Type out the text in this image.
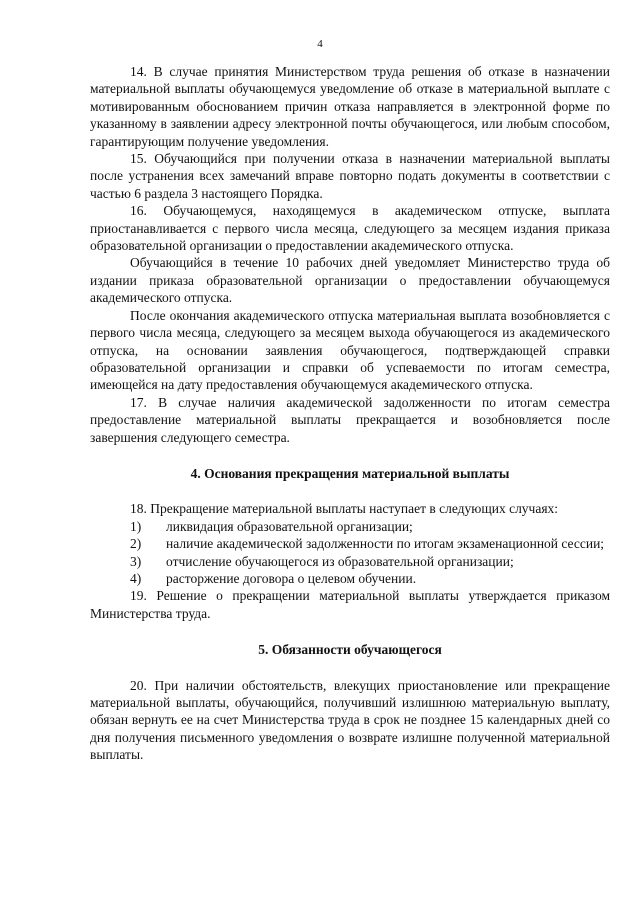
4

14. В случае принятия Министерством труда решения об отказе в назначении материальной выплаты обучающемуся уведомление об отказе в материальной выплате с мотивированным обоснованием причин отказа направляется в электронной форме по указанному в заявлении адресу электронной почты обучающегося, или любым способом, гарантирующим получение уведомления.

15. Обучающийся при получении отказа в назначении материальной выплаты после устранения всех замечаний вправе повторно подать документы в соответствии с частью 6 раздела 3 настоящего Порядка.

16. Обучающемуся, находящемуся в академическом отпуске, выплата приостанавливается с первого числа месяца, следующего за месяцем издания приказа образовательной организации о предоставлении академического отпуска.

Обучающийся в течение 10 рабочих дней уведомляет Министерство труда об издании приказа образовательной организации о предоставлении обучающемуся академического отпуска.

После окончания академического отпуска материальная выплата возобновляется с первого числа месяца, следующего за месяцем выхода обучающегося из академического отпуска, на основании заявления обучающегося, подтверждающей справки образовательной организации и справки об успеваемости по итогам семестра, имеющейся на дату предоставления обучающемуся академического отпуска.

17. В случае наличия академической задолженности по итогам семестра предоставление материальной выплаты прекращается и возобновляется после завершения следующего семестра.

4. Основания прекращения материальной выплаты

18. Прекращение материальной выплаты наступает в следующих случаях:

1) ликвидация образовательной организации;
2) наличие академической задолженности по итогам экзаменационной сессии;
3) отчисление обучающегося из образовательной организации;
4) расторжение договора о целевом обучении.

19. Решение о прекращении материальной выплаты утверждается приказом Министерства труда.

5. Обязанности обучающегося

20. При наличии обстоятельств, влекущих приостановление или прекращение материальной выплаты, обучающийся, получивший излишнюю материальную выплату, обязан вернуть ее на счет Министерства труда в срок не позднее 15 календарных дней со дня получения письменного уведомления о возврате излишне полученной материальной выплаты.
